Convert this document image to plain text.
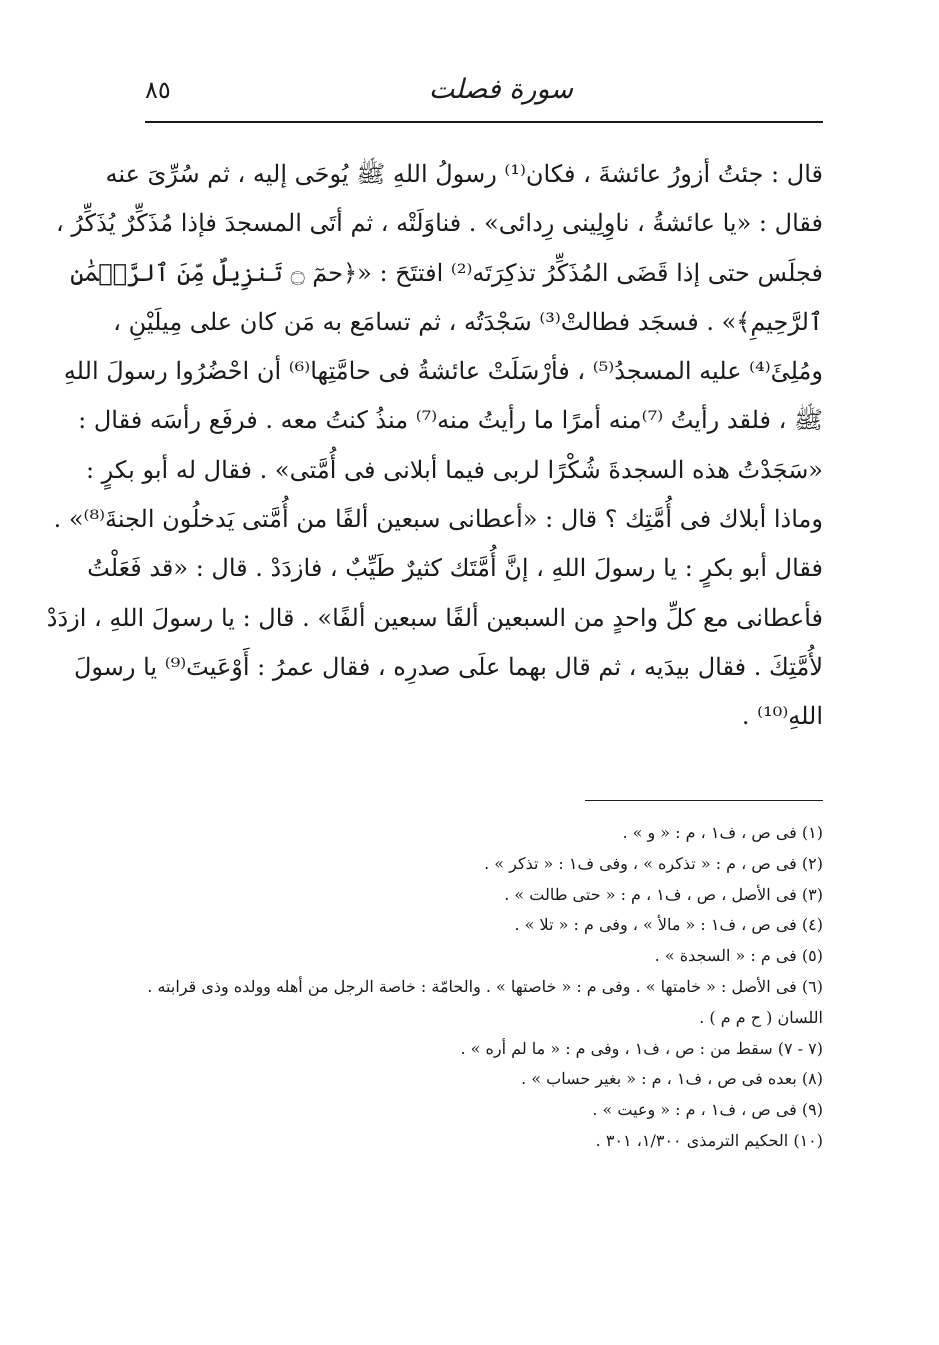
سورة فصلت
٨٥
قال : جئتُ أزورُ عائشةَ ، فكان⁽¹⁾ رسولُ اللهِ ﷺ يُوحَى إليه ، ثم سُرِّىَ عنه
فقال : «يا عائشةُ ، ناوِلِينى رِدائى» . فناوَلَتْه ، ثم أتَى المسجدَ فإذا مُذَكِّرٌ يُذَكِّرُ ،
فجلَس حتى إذا قَضَى المُذَكِّرُ تذكِرَتَه⁽²⁾ افتتَحَ : «﴿حمٓ ۝ تَنزِيلٌ مِّنَ ٱلرَّحۡمَٰنِ
ٱلرَّحِيمِ﴾» . فسجَد فطالتْ⁽³⁾ سَجْدَتُه ، ثم تسامَع به مَن كان على مِيلَيْنِ ،
ومُلِئَ⁽⁴⁾ عليه المسجدُ⁽⁵⁾ ، فأرْسَلَتْ عائشةُ فى حامَّتِها⁽⁶⁾ أن احْضُرُوا رسولَ اللهِ
ﷺ ، فلقد رأيتُ ⁽⁷⁾منه أمرًا ما رأيتُ منه⁽⁷⁾ منذُ كنتُ معه . فرفَع رأسَه فقال :
«سَجَدْتُ هذه السجدةَ شُكْرًا لربى فيما أبلانى فى أُمَّتى» . فقال له أبو بكرٍ :
وماذا أبلاك فى أُمَّتِك ؟ قال : «أعطانى سبعين ألفًا من أُمَّتى يَدخلُون الجنةَ⁽⁸⁾» .
فقال أبو بكرٍ : يا رسولَ اللهِ ، إنَّ أُمَّتَك كثيرٌ طَيِّبٌ ، فازدَدْ . قال : «قد فَعَلْتُ
فأعطانى مع كلِّ واحدٍ من السبعين ألفًا سبعين ألفًا» . قال : يا رسولَ اللهِ ، ازدَدْ
لأُمَّتِكَ . فقال بيدَيه ، ثم قال بهما علَى صدرِه ، فقال عمرُ : أَوْعَيتَ⁽⁹⁾ يا رسولَ
اللهِ⁽¹⁰⁾ .
(١) فى ص ، ف١ ، م : « و » .
(٢) فى ص ، م : « تذكره » ، وفى ف١ : « تذكر » .
(٣) فى الأصل ، ص ، ف١ ، م : « حتى طالت » .
(٤) فى ص ، ف١ : « مالأ » ، وفى م : « تلا » .
(٥) فى م : « السجدة » .
(٦) فى الأصل : « خامتها » . وفى م : « خاصتها » . والحامّة : خاصة الرجل من أهله وولده وذى قرابته .
اللسان ( ح م م ) .
(٧ - ٧) سقط من : ص ، ف١ ، وفى م : « ما لم أره » .
(٨) بعده فى ص ، ف١ ، م : « بغير حساب » .
(٩) فى ص ، ف١ ، م : « وعيت » .
(١٠) الحكيم الترمذى ١/٣٠٠، ٣٠١ .
